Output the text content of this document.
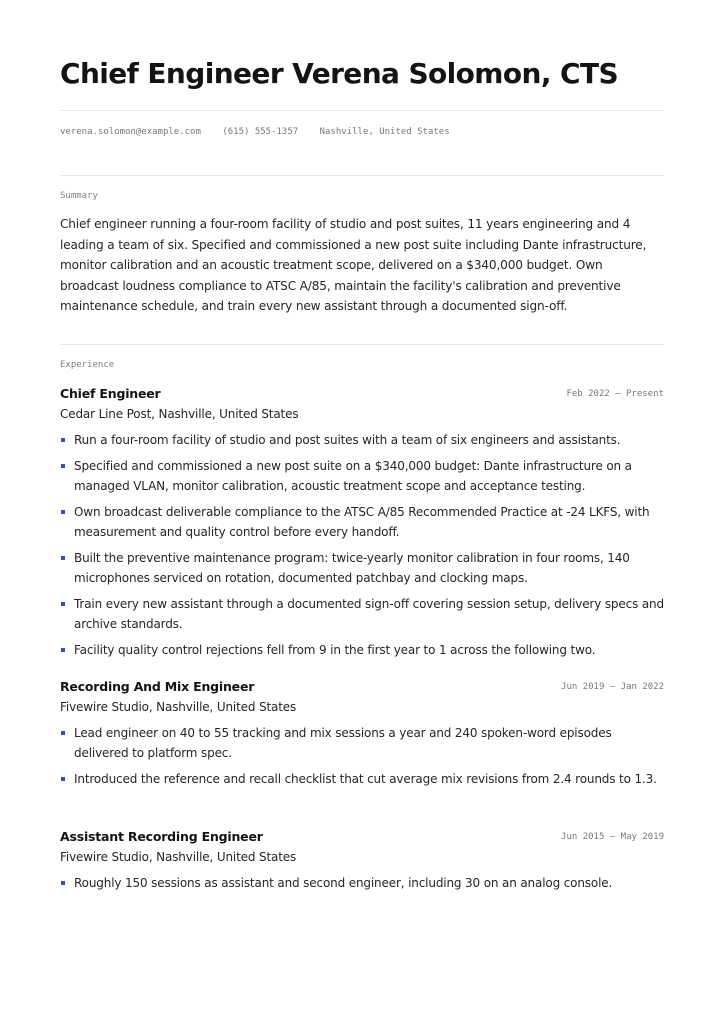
Chief Engineer Verena Solomon, CTS
verena.solomon@example.com (615) 555-1357 Nashville, United States
Summary

Chief engineer running a four-room facility of studio and post suites, 11 years engineering and 4 leading a team of six. Specified and commissioned a new post suite including Dante infrastructure, monitor calibration and an acoustic treatment scope, delivered on a $340,000 budget. Own broadcast loudness compliance to ATSC A/85, maintain the facility's calibration and preventive maintenance schedule, and train every new assistant through a documented sign-off.

Experience
Chief Engineer	Feb 2022 — Present
Cedar Line Post, Nashville, United States
Run a four-room facility of studio and post suites with a team of six engineers and assistants.
Specified and commissioned a new post suite on a $340,000 budget: Dante infrastructure on a managed VLAN, monitor calibration, acoustic treatment scope and acceptance testing.
Own broadcast deliverable compliance to the ATSC A/85 Recommended Practice at -24 LKFS, with measurement and quality control before every handoff.
Built the preventive maintenance program: twice-yearly monitor calibration in four rooms, 140 microphones serviced on rotation, documented patchbay and clocking maps.
Train every new assistant through a documented sign-off covering session setup, delivery specs and archive standards.
Facility quality control rejections fell from 9 in the first year to 1 across the following two.
Recording And Mix Engineer	Jun 2019 — Jan 2022
Fivewire Studio, Nashville, United States
Lead engineer on 40 to 55 tracking and mix sessions a year and 240 spoken-word episodes delivered to platform spec.
Introduced the reference and recall checklist that cut average mix revisions from 2.4 rounds to 1.3.
Assistant Recording Engineer	Jun 2015 — May 2019
Fivewire Studio, Nashville, United States
Roughly 150 sessions as assistant and second engineer, including 30 on an analog console.
